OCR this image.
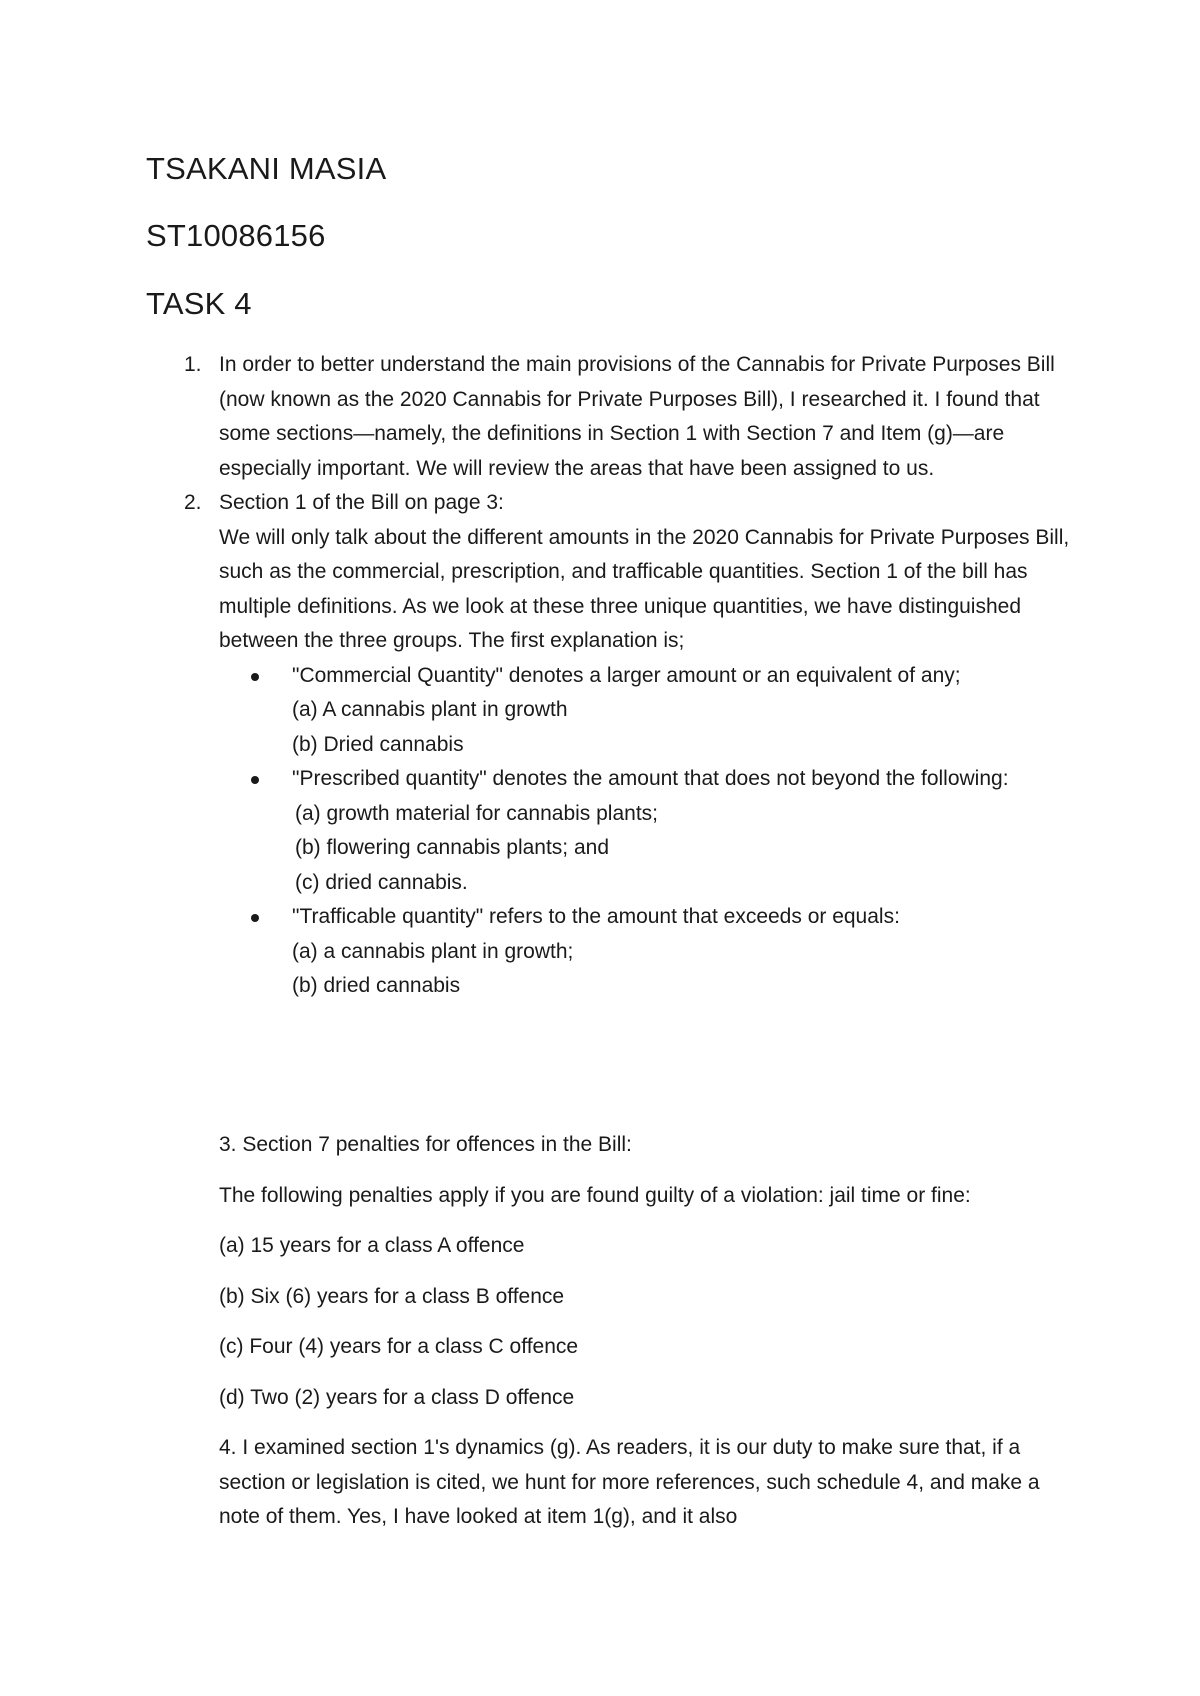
TSAKANI MASIA
ST10086156
TASK 4
1. In order to better understand the main provisions of the Cannabis for Private Purposes Bill (now known as the 2020 Cannabis for Private Purposes Bill), I researched it. I found that some sections—namely, the definitions in Section 1 with Section 7 and Item (g)—are especially important. We will review the areas that have been assigned to us.

2. Section 1 of the Bill on page 3:

We will only talk about the different amounts in the 2020 Cannabis for Private Purposes Bill, such as the commercial, prescription, and trafficable quantities. Section 1 of the bill has multiple definitions. As we look at these three unique quantities, we have distinguished between the three groups. The first explanation is;

"Commercial Quantity" denotes a larger amount or an equivalent of any;
(a) A cannabis plant in growth
(b) Dried cannabis
"Prescribed quantity" denotes the amount that does not beyond the following:
(a) growth material for cannabis plants;
(b) flowering cannabis plants; and
(c) dried cannabis.
"Trafficable quantity" refers to the amount that exceeds or equals:
(a) a cannabis plant in growth;
(b) dried cannabis

3. Section 7 penalties for offences in the Bill:

The following penalties apply if you are found guilty of a violation: jail time or fine:

(a) 15 years for a class A offence

(b) Six (6) years for a class B offence

(c) Four (4) years for a class C offence

(d) Two (2) years for a class D offence

4. I examined section 1's dynamics (g). As readers, it is our duty to make sure that, if a section or legislation is cited, we hunt for more references, such schedule 4, and make a note of them. Yes, I have looked at item 1(g), and it also
